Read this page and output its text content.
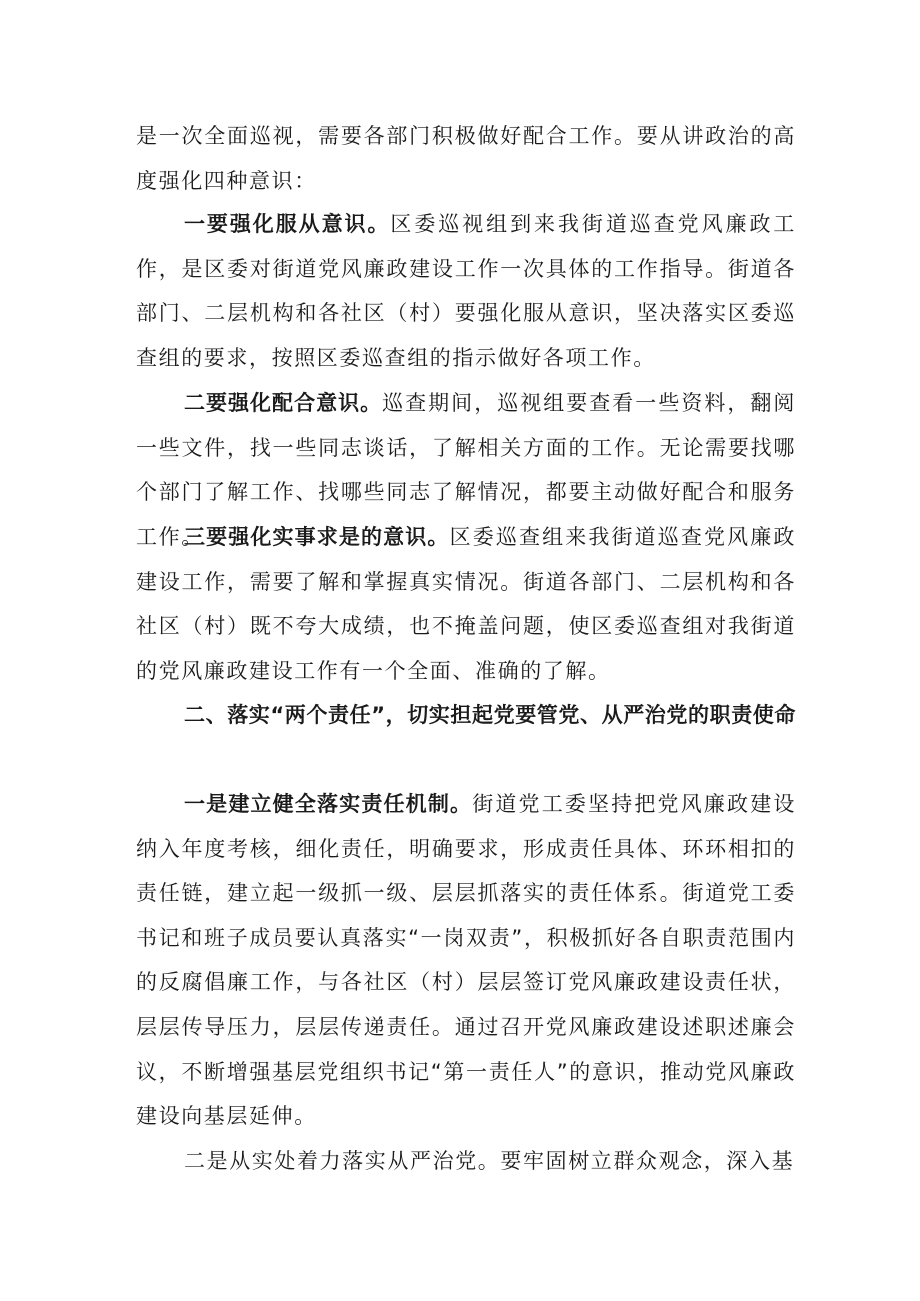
是一次全面巡视，需要各部门积极做好配合工作。要从讲政治的高度强化四种意识：

一要强化服从意识。区委巡视组到来我街道巡查党风廉政工作，是区委对街道党风廉政建设工作一次具体的工作指导。街道各部门、二层机构和各社区（村）要强化服从意识，坚决落实区委巡查组的要求，按照区委巡查组的指示做好各项工作。

二要强化配合意识。巡查期间，巡视组要查看一些资料，翻阅一些文件，找一些同志谈话，了解相关方面的工作。无论需要找哪个部门了解工作、找哪些同志了解情况，都要主动做好配合和服务工作。

三要强化实事求是的意识。区委巡查组来我街道巡查党风廉政建设工作，需要了解和掌握真实情况。街道各部门、二层机构和各社区（村）既不夸大成绩，也不掩盖问题，使区委巡查组对我街道的党风廉政建设工作有一个全面、准确的了解。

二、落实“两个责任”，切实担起党要管党、从严治党的职责使命

一是建立健全落实责任机制。街道党工委坚持把党风廉政建设纳入年度考核，细化责任，明确要求，形成责任具体、环环相扣的责任链，建立起一级抓一级、层层抓落实的责任体系。街道党工委书记和班子成员要认真落实“一岗双责”，积极抓好各自职责范围内的反腐倡廉工作，与各社区（村）层层签订党风廉政建设责任状，层层传导压力，层层传递责任。通过召开党风廉政建设述职述廉会议，不断增强基层党组织书记“第一责任人”的意识，推动党风廉政建设向基层延伸。

二是从实处着力落实从严治党。要牢固树立群众观念，深入基
